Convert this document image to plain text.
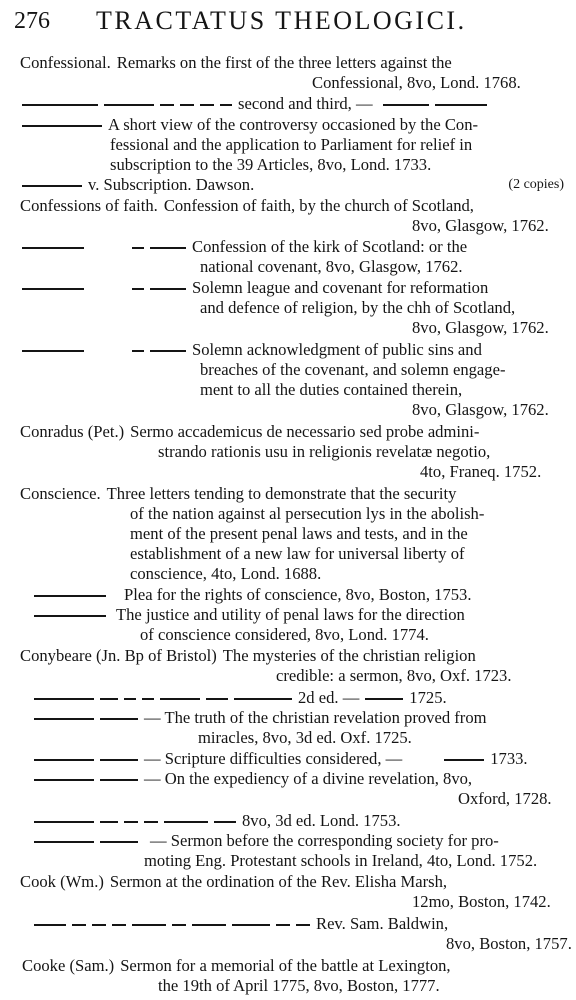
276 TRACTATUS THEOLOGICI.
Confessional. Remarks on the first of the three letters against the
Confessional, 8vo, Lond. 1768.
second and third, —
A short view of the controversy occasioned by the Con-
fessional and the application to Parliament for relief in
subscription to the 39 Articles, 8vo, Lond. 1733.
v. Subscription. Dawson.	(2 copies)
Confessions of faith. Confession of faith, by the church of Scotland,
8vo, Glasgow, 1762.
Confession of the kirk of Scotland: or the
national covenant, 8vo, Glasgow, 1762.
Solemn league and covenant for reformation
and defence of religion, by the chh of Scotland,
8vo, Glasgow, 1762.
Solemn acknowledgment of public sins and
breaches of the covenant, and solemn engage-
ment to all the duties contained therein,
8vo, Glasgow, 1762.
Conradus (Pet.) Sermo accademicus de necessario sed probe admini-
strando rationis usu in religionis revelatæ negotio,
4to, Franeq. 1752.
Conscience. Three letters tending to demonstrate that the security
of the nation against al persecution lys in the abolish-
ment of the present penal laws and tests, and in the
establishment of a new law for universal liberty of
conscience, 4to, Lond. 1688.
Plea for the rights of conscience, 8vo, Boston, 1753.
The justice and utility of penal laws for the direction
of conscience considered, 8vo, Lond. 1774.
Conybeare (Jn. Bp of Bristol) The mysteries of the christian religion
credible: a sermon, 8vo, Oxf. 1723.
2d ed. —	1725.
— The truth of the christian revelation proved from
miracles, 8vo, 3d ed. Oxf. 1725.
— Scripture difficulties considered, —	1733.
— On the expediency of a divine revelation, 8vo,
Oxford, 1728.
8vo, 3d ed. Lond. 1753.
— Sermon before the corresponding society for pro-
moting Eng. Protestant schools in Ireland, 4to, Lond. 1752.
Cook (Wm.) Sermon at the ordination of the Rev. Elisha Marsh,
12mo, Boston, 1742.
Rev. Sam. Baldwin,
8vo, Boston, 1757.
Cooke (Sam.) Sermon for a memorial of the battle at Lexington,
the 19th of April 1775, 8vo, Boston, 1777.
